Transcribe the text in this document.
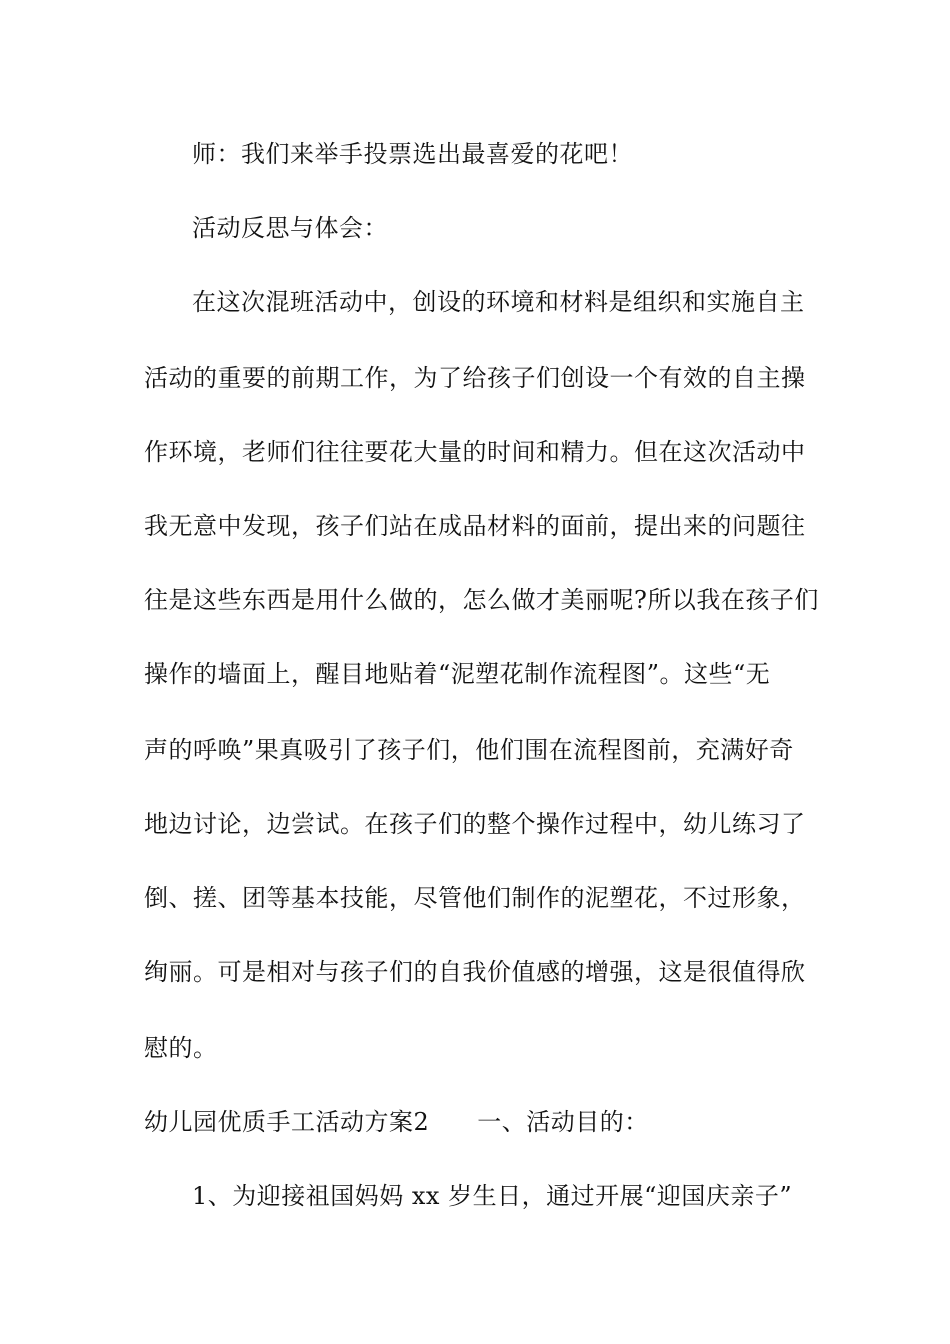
师：我们来举手投票选出最喜爱的花吧！
活动反思与体会：
在这次混班活动中，创设的环境和材料是组织和实施自主
活动的重要的前期工作，为了给孩子们创设一个有效的自主操
作环境，老师们往往要花大量的时间和精力。但在这次活动中
我无意中发现，孩子们站在成品材料的面前，提出来的问题往
往是这些东西是用什么做的，怎么做才美丽呢?所以我在孩子们
操作的墙面上，醒目地贴着“泥塑花制作流程图”。这些“无
声的呼唤”果真吸引了孩子们，他们围在流程图前，充满好奇
地边讨论，边尝试。在孩子们的整个操作过程中，幼儿练习了
倒、搓、团等基本技能，尽管他们制作的泥塑花，不过形象，
绚丽。可是相对与孩子们的自我价值感的增强，这是很值得欣
慰的。
幼儿园优质手工活动方案2 一、活动目的：
1、为迎接祖国妈妈 xx 岁生日，通过开展“迎国庆亲子”
